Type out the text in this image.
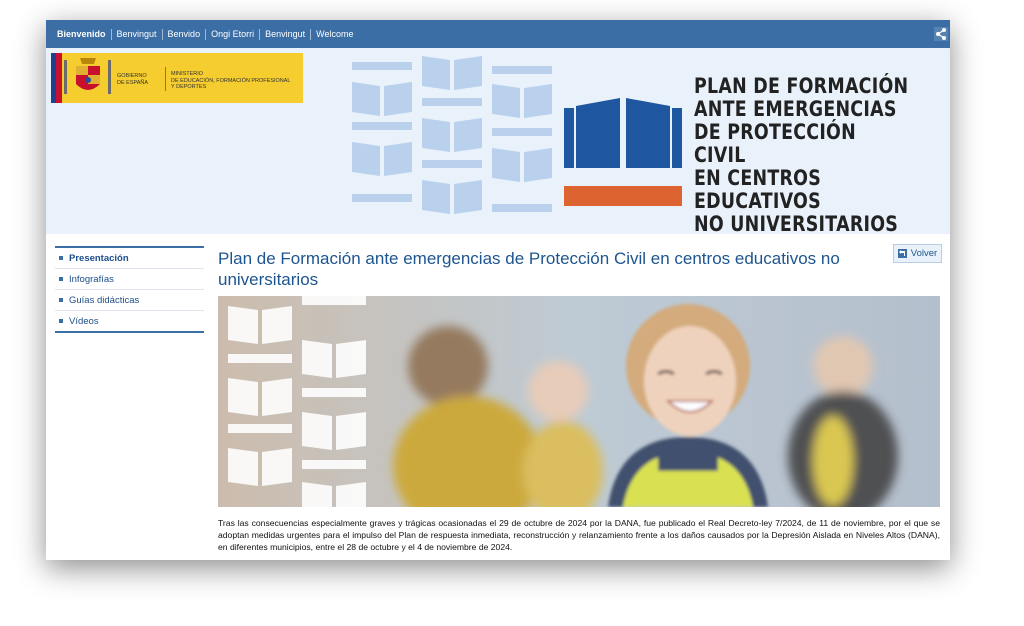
Bienvenido	Benvingut	Benvido	Ongi Etorri	Benvingut	Welcome
GOBIERNO
DE ESPAÑA
MINISTERIO
DE EDUCACIÓN, FORMACIÓN PROFESIONAL
Y DEPORTES	PLAN DE FORMACIÓN
ANTE EMERGENCIAS
DE PROTECCIÓN CIVIL
EN CENTROS EDUCATIVOS
NO UNIVERSITARIOS
Presentación
Infografías
Guías didácticas
Vídeos
Plan de Formación ante emergencias de Protección Civil en centros educativos no universitarios
Volver

Tras las consecuencias especialmente graves y trágicas ocasionadas el 29 de octubre de 2024 por la DANA, fue publicado el Real Decreto-ley 7/2024, de 11 de noviembre, por el que se adoptan medidas urgentes para el impulso del Plan de respuesta inmediata, reconstrucción y relanzamiento frente a los daños causados por la Depresión Aislada en Niveles Altos (DANA), en diferentes municipios, entre el 28 de octubre y el 4 de noviembre de 2024.
